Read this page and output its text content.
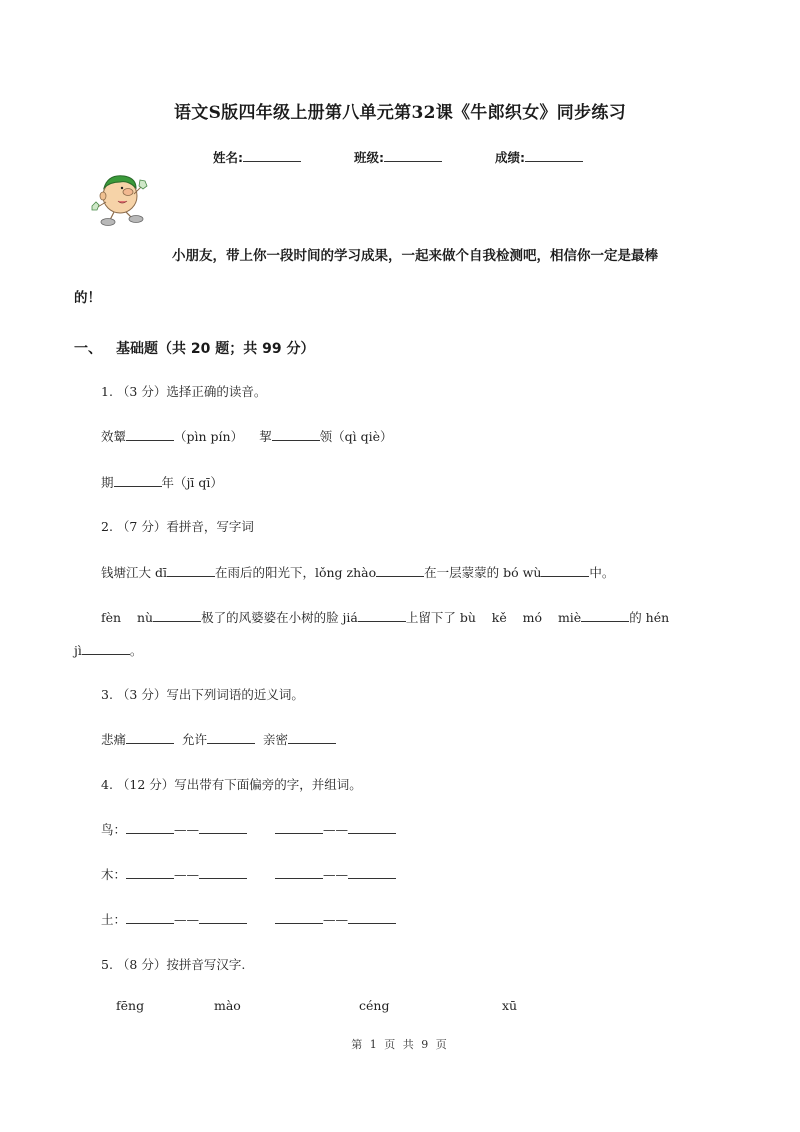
语文S版四年级上册第八单元第32课《牛郎织女》同步练习
姓名:	班级:	成绩:
小朋友，带上你一段时间的学习成果，一起来做个自我检测吧，相信你一定是最棒
的！
一、 基础题（共 20 题；共 99 分）
1. （3 分）选择正确的读音。
效颦	（pìn pín） 挈	领（qì qiè）
期	年（jī qī）
2. （7 分）看拼音，写字词
钱塘江大 dī	在雨后的阳光下，lǒng zhào	在一层蒙蒙的 bó wù	中。
fèn    nù	极了的风婆婆在小树的脸 jiá	上留下了 bù    kě    mó    miè	的 hén
jì	。
3. （3 分）写出下列词语的近义词。
悲痛	允许	亲密
4. （12 分）写出带有下面偏旁的字，并组词。
鸟：	——	——
木：	——	——
土：	——	——
5. （8 分）按拼音写汉字.
fēng	mào	céng	xū
第 1 页 共 9 页
